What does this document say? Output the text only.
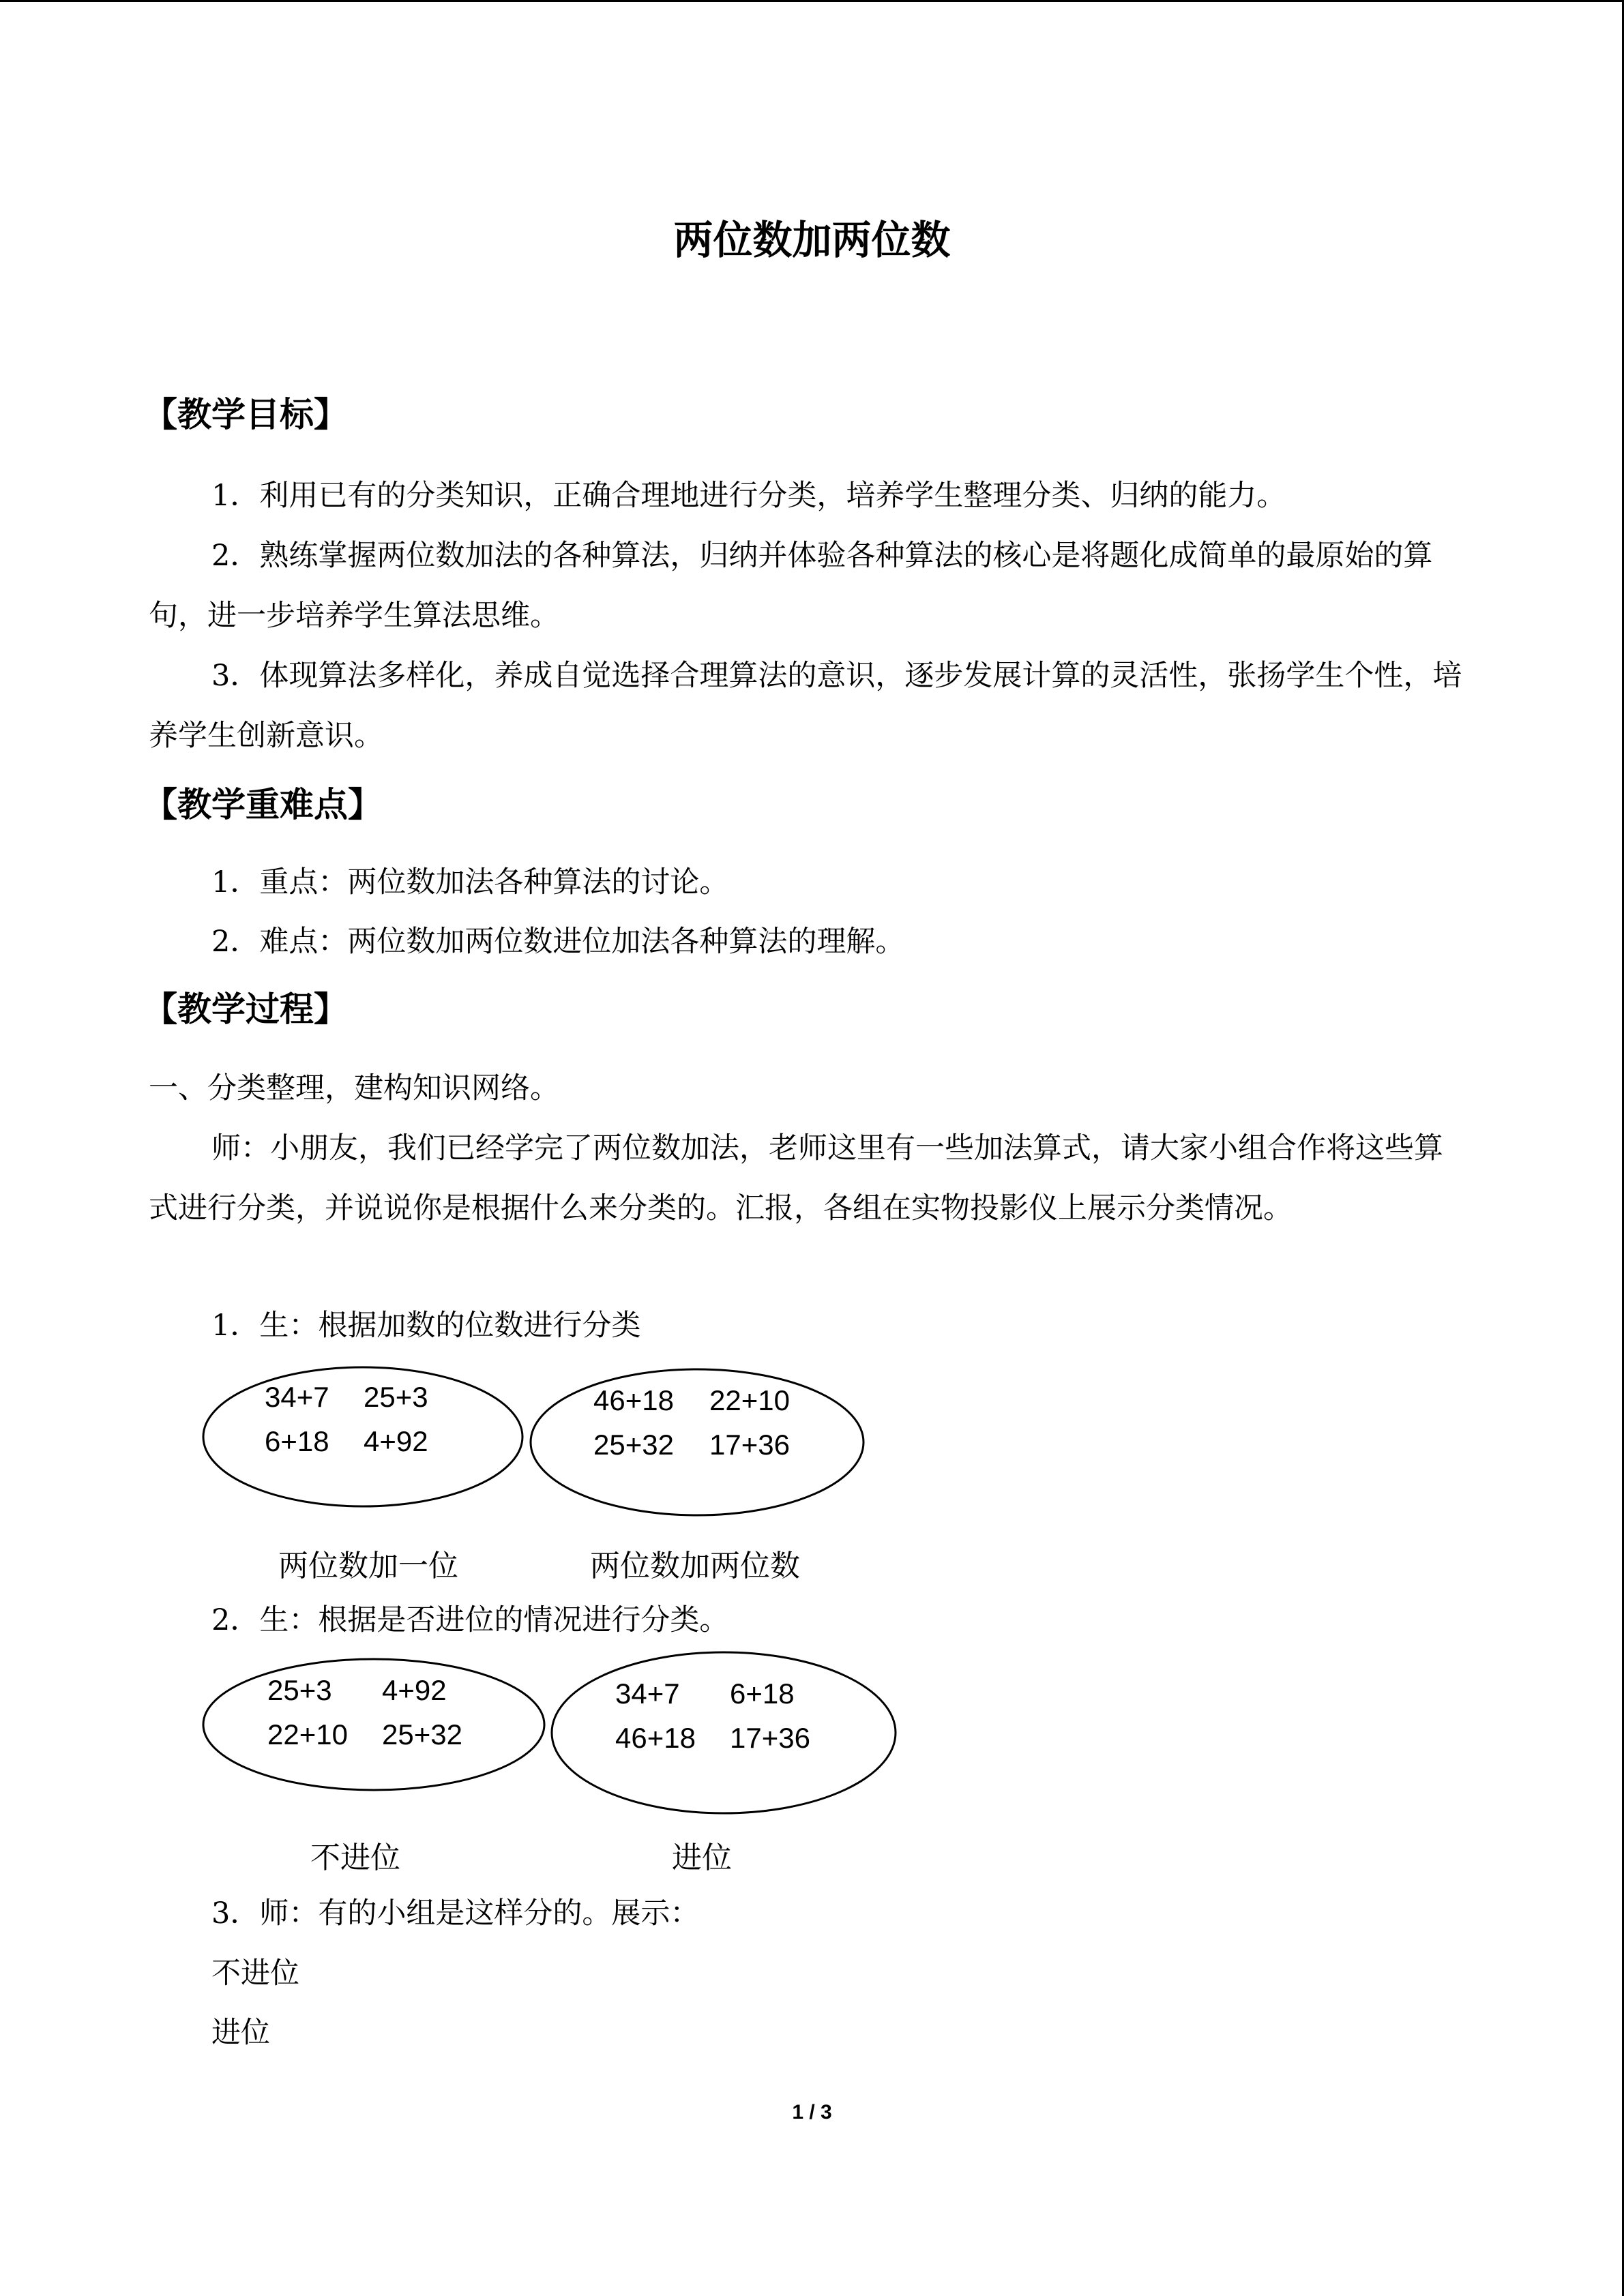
两位数加两位数
【教学目标】

1．利用已有的分类知识，正确合理地进行分类，培养学生整理分类、归纳的能力。

2．熟练掌握两位数加法的各种算法，归纳并体验各种算法的核心是将题化成简单的最原始的算句，进一步培养学生算法思维。

3．体现算法多样化，养成自觉选择合理算法的意识，逐步发展计算的灵活性，张扬学生个性，培养学生创新意识。

【教学重难点】
1．重点：两位数加法各种算法的讨论。
2．难点：两位数加两位数进位加法各种算法的理解。
【教学过程】
一、分类整理，建构知识网络。

师：小朋友，我们已经学完了两位数加法，老师这里有一些加法算式，请大家小组合作将这些算式进行分类，并说说你是根据什么来分类的。汇报，各组在实物投影仪上展示分类情况。

1．生：根据加数的位数进行分类
34+7 25+3
6+18 4+92
46+18 22+10
25+32 17+36
两位数加一位	两位数加两位数
2．生：根据是否进位的情况进行分类。
25+3 4+92
22+10 25+32
34+7 6+18
46+18 17+36
不进位	进位
3．师：有的小组是这样分的。展示：
不进位
进位
1 / 3
